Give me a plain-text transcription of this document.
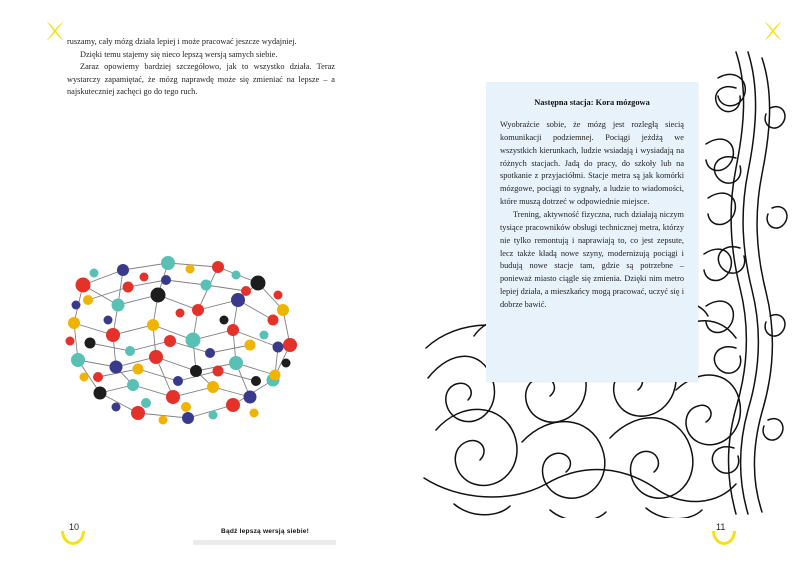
ruszamy, cały mózg działa lepiej i może pracować jeszcze wydajniej.

Dzięki temu stajemy się nieco lepszą wersją samych siebie.

Zaraz opowiemy bardziej szczegółowo, jak to wszystko działa. Teraz wystarczy zapamiętać, że mózg naprawdę może się zmieniać na lepsze – a najskuteczniej zachęci go do tego ruch.

10	Bądź lepszą wersją siebie!
Następna stacja: Kora mózgowa

Wyobraźcie sobie, że mózg jest rozległą siecią komunikacji podziemnej. Pociągi jeżdżą we wszystkich kierunkach, ludzie wsiadają i wysiadają na różnych stacjach. Jadą do pracy, do szkoły lub na spotkanie z przyjaciółmi. Stacje metra są jak komórki mózgowe, pociągi to sygnały, a ludzie to wiadomości, które muszą dotrzeć w odpowiednie miejsce.

Trening, aktywność fizyczna, ruch działają niczym tysiące pracowników obsługi technicznej metra, którzy nie tylko remontują i naprawiają to, co jest zepsute, lecz także kładą nowe szyny, modernizują pociągi i budują nowe stacje tam, gdzie są potrzebne – ponieważ miasto ciągle się zmienia. Dzięki nim metro lepiej działa, a mieszkańcy mogą pracować, uczyć się i dobrze bawić.

11
